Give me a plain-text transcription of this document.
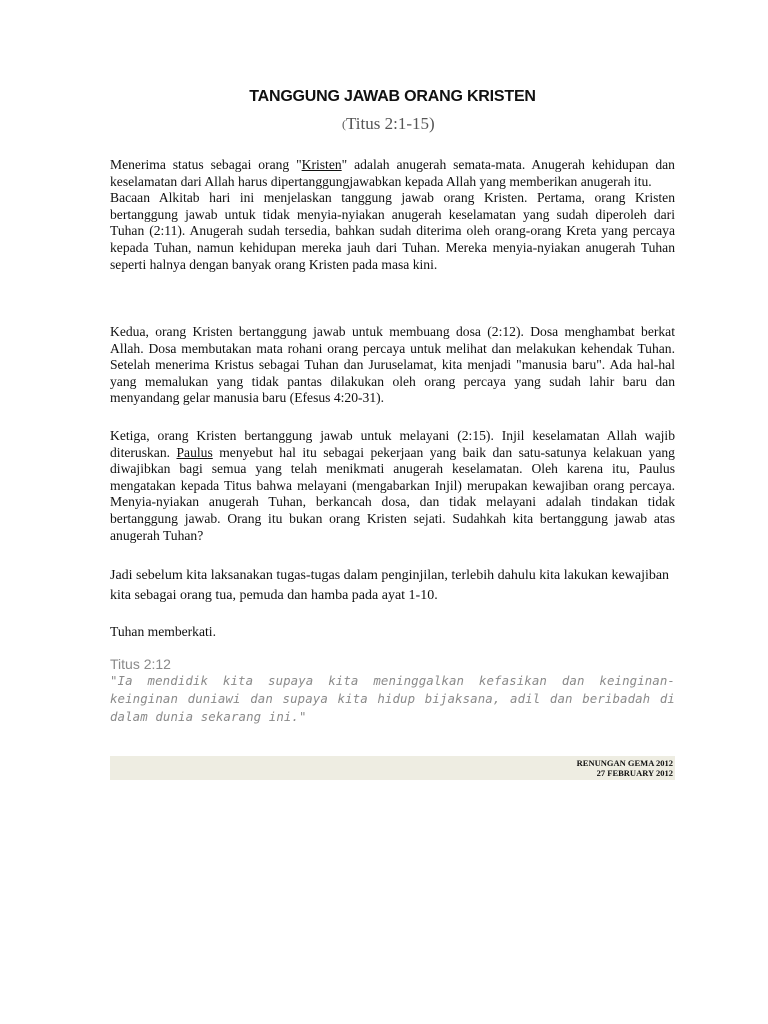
TANGGUNG JAWAB ORANG KRISTEN
(Titus 2:1-15)

Menerima status sebagai orang "Kristen" adalah anugerah semata-mata. Anugerah kehidupan dan keselamatan dari Allah harus dipertanggungjawabkan kepada Allah yang memberikan anugerah itu.

Bacaan Alkitab hari ini menjelaskan tanggung jawab orang Kristen. Pertama, orang Kristen bertanggung jawab untuk tidak menyia-nyiakan anugerah keselamatan yang sudah diperoleh dari Tuhan (2:11). Anugerah sudah tersedia, bahkan sudah diterima oleh orang-orang Kreta yang percaya kepada Tuhan, namun kehidupan mereka jauh dari Tuhan. Mereka menyia-nyiakan anugerah Tuhan seperti halnya dengan banyak orang Kristen pada masa kini.

Kedua, orang Kristen bertanggung jawab untuk membuang dosa (2:12). Dosa menghambat berkat Allah. Dosa membutakan mata rohani orang percaya untuk melihat dan melakukan kehendak Tuhan. Setelah menerima Kristus sebagai Tuhan dan Juruselamat, kita menjadi "manusia baru". Ada hal-hal yang memalukan yang tidak pantas dilakukan oleh orang percaya yang sudah lahir baru dan menyandang gelar manusia baru (Efesus 4:20-31).

Ketiga, orang Kristen bertanggung jawab untuk melayani (2:15). Injil keselamatan Allah wajib diteruskan. Paulus menyebut hal itu sebagai pekerjaan yang baik dan satu-satunya kelakuan yang diwajibkan bagi semua yang telah menikmati anugerah keselamatan. Oleh karena itu, Paulus mengatakan kepada Titus bahwa melayani (mengabarkan Injil) merupakan kewajiban orang percaya. Menyia-nyiakan anugerah Tuhan, berkancah dosa, dan tidak melayani adalah tindakan tidak bertanggung jawab. Orang itu bukan orang Kristen sejati. Sudahkah kita bertanggung jawab atas anugerah Tuhan?

Jadi sebelum kita laksanakan tugas-tugas dalam penginjilan, terlebih dahulu kita lakukan kewajiban kita sebagai orang tua, pemuda dan hamba pada ayat 1-10.

Tuhan memberkati.

Titus 2:12
"Ia mendidik kita supaya kita meninggalkan kefasikan dan keinginan-keinginan duniawi dan supaya kita hidup bijaksana, adil dan beribadah di dalam dunia sekarang ini."
RENUNGAN GEMA 2012
27 FEBRUARY 2012
